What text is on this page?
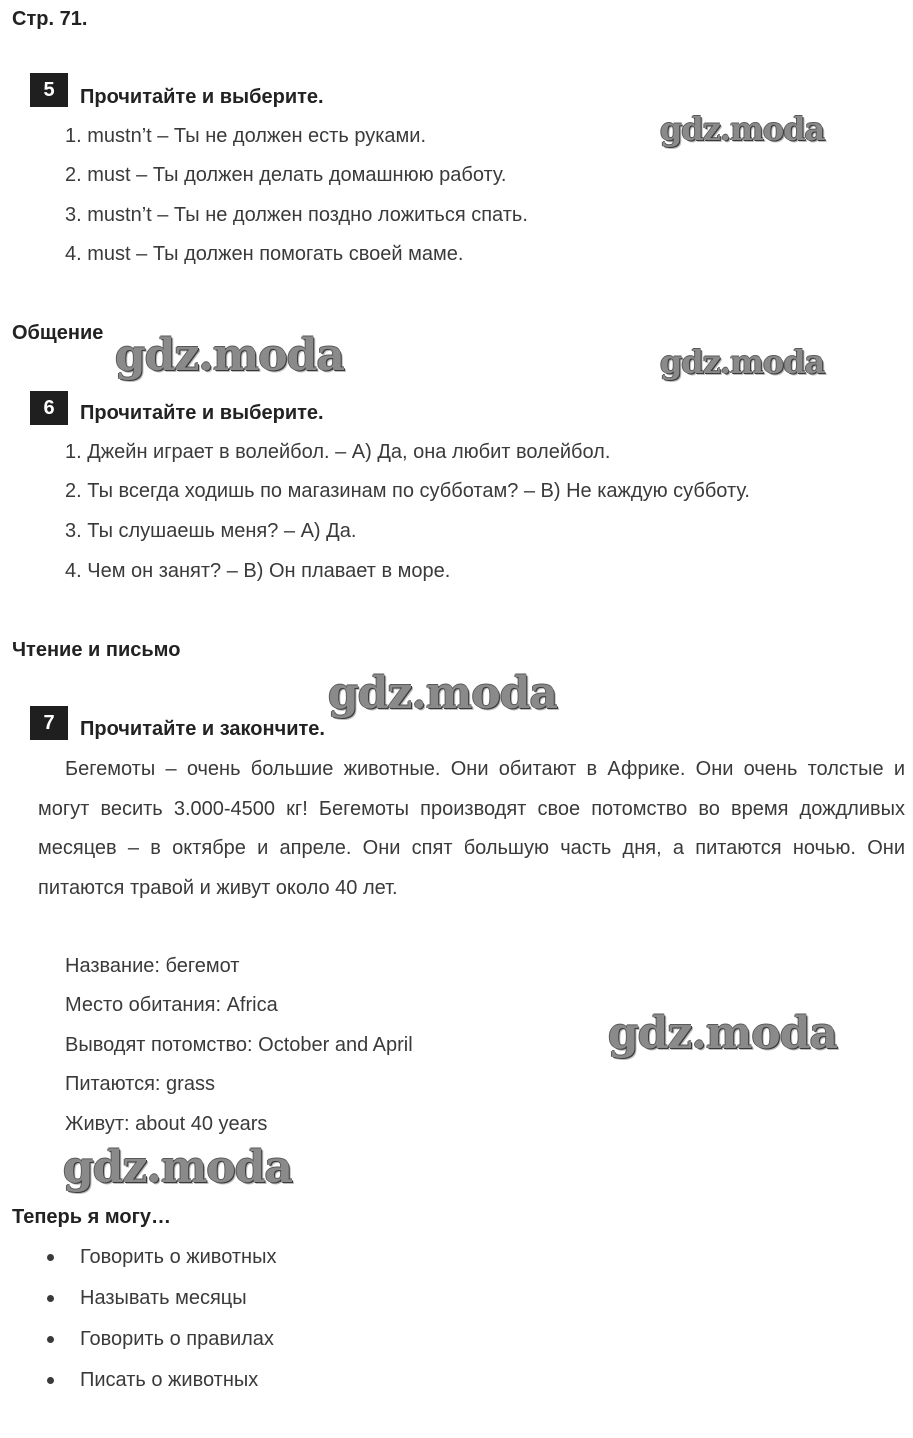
Стр. 71.
5	Прочитайте и выберите.
1. mustn’t – Ты не должен есть руками.
2. must – Ты должен делать домашнюю работу.
3. mustn’t – Ты не должен поздно ложиться спать.
4. must – Ты должен помогать своей маме.
Общение
6	Прочитайте и выберите.
1. Джейн играет в волейбол. – A) Да, она любит волейбол.
2. Ты всегда ходишь по магазинам по субботам? – B) Не каждую субботу.
3. Ты слушаешь меня? – A) Да.
4. Чем он занят? – B) Он плавает в море.
Чтение и письмо
7	Прочитайте и закончите.

Бегемоты – очень большие животные. Они обитают в Африке. Они очень толстые и могут весить 3.000-4500 кг! Бегемоты производят свое потомство во время дождливых месяцев – в октябре и апреле. Они спят большую часть дня, а питаются ночью. Они питаются травой и живут около 40 лет.

Название: бегемот
Место обитания: Africa
Выводят потомство: October and April
Питаются: grass
Живут: about 40 years
Теперь я могу…
Говорить о животных
Называть месяцы
Говорить о правилах
Писать о животных
gdz.moda
gdz.moda	gdz.moda
gdz.moda
gdz.moda
gdz.moda
